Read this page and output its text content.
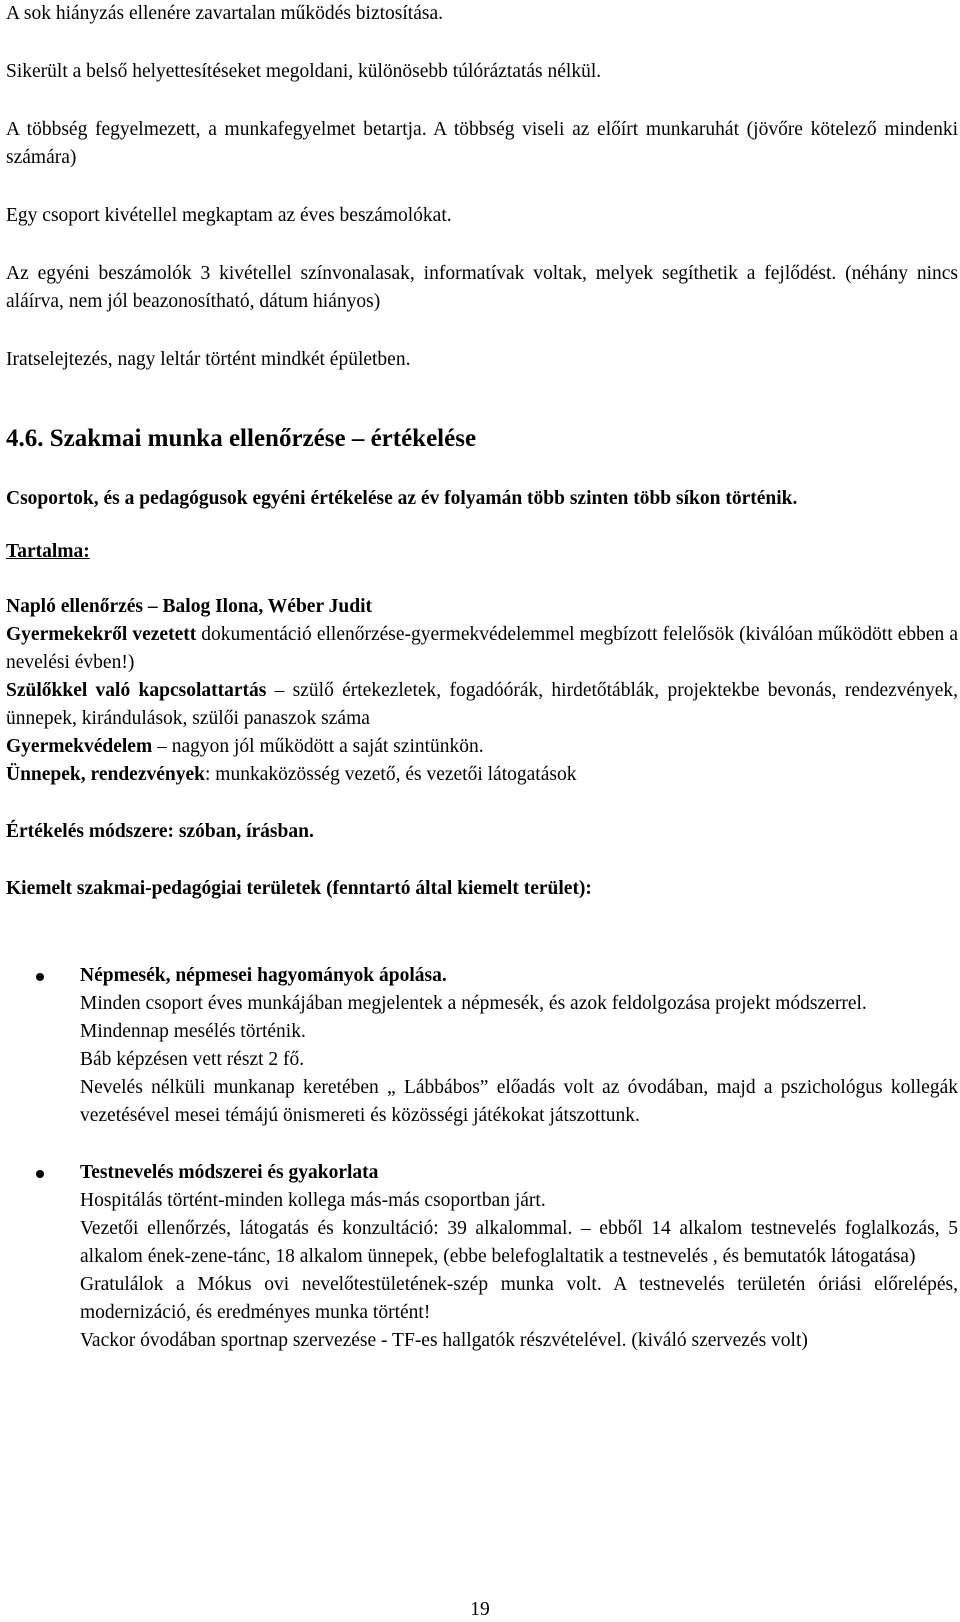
A sok hiányzás ellenére zavartalan működés biztosítása.

Sikerült a belső helyettesítéseket megoldani, különösebb túlóráztatás nélkül.

A többség fegyelmezett, a munkafegyelmet betartja. A többség viseli az előírt munkaruhát (jövőre kötelező mindenki számára)

Egy csoport kivétellel megkaptam az éves beszámolókat.

Az egyéni beszámolók 3 kivétellel színvonalasak, informatívak voltak, melyek segíthetik a fejlődést. (néhány nincs aláírva, nem jól beazonosítható, dátum hiányos)

Iratselejtezés, nagy leltár történt mindkét épületben.

4.6. Szakmai munka ellenőrzése – értékelése

Csoportok, és a pedagógusok egyéni értékelése az év folyamán több szinten több síkon történik.

Tartalma:

Napló ellenőrzés – Balog Ilona, Wéber Judit

Gyermekekről vezetett dokumentáció ellenőrzése-gyermekvédelemmel megbízott felelősök (kiválóan működött ebben a nevelési évben!)

Szülőkkel való kapcsolattartás – szülő értekezletek, fogadóórák, hirdetőtáblák, projektekbe bevonás, rendezvények, ünnepek, kirándulások, szülői panaszok száma

Gyermekvédelem – nagyon jól működött a saját szintünkön.

Ünnepek, rendezvények: munkaközösség vezető, és vezetői látogatások

Értékelés módszere: szóban, írásban.

Kiemelt szakmai-pedagógiai területek (fenntartó által kiemelt terület):

Népmesék, népmesei hagyományok ápolása.

Minden csoport éves munkájában megjelentek a népmesék, és azok feldolgozása projekt módszerrel.

Mindennap mesélés történik.

Báb képzésen vett részt 2 fő.

Nevelés nélküli munkanap keretében „ Lábbábos” előadás volt az óvodában, majd a pszichológus kollegák vezetésével mesei témájú önismereti és közösségi játékokat játszottunk.

Testnevelés módszerei és gyakorlata

Hospitálás történt-minden kollega más-más csoportban járt.

Vezetői ellenőrzés, látogatás és konzultáció: 39 alkalommal. – ebből 14 alkalom testnevelés foglalkozás, 5 alkalom ének-zene-tánc, 18 alkalom ünnepek, (ebbe belefoglaltatik a testnevelés , és bemutatók látogatása)

Gratulálok a Mókus ovi nevelőtestületének-szép munka volt. A testnevelés területén óriási előrelépés, modernizáció, és eredményes munka történt!

Vackor óvodában sportnap szervezése - TF-es hallgatók részvételével. (kiváló szervezés volt)

19
